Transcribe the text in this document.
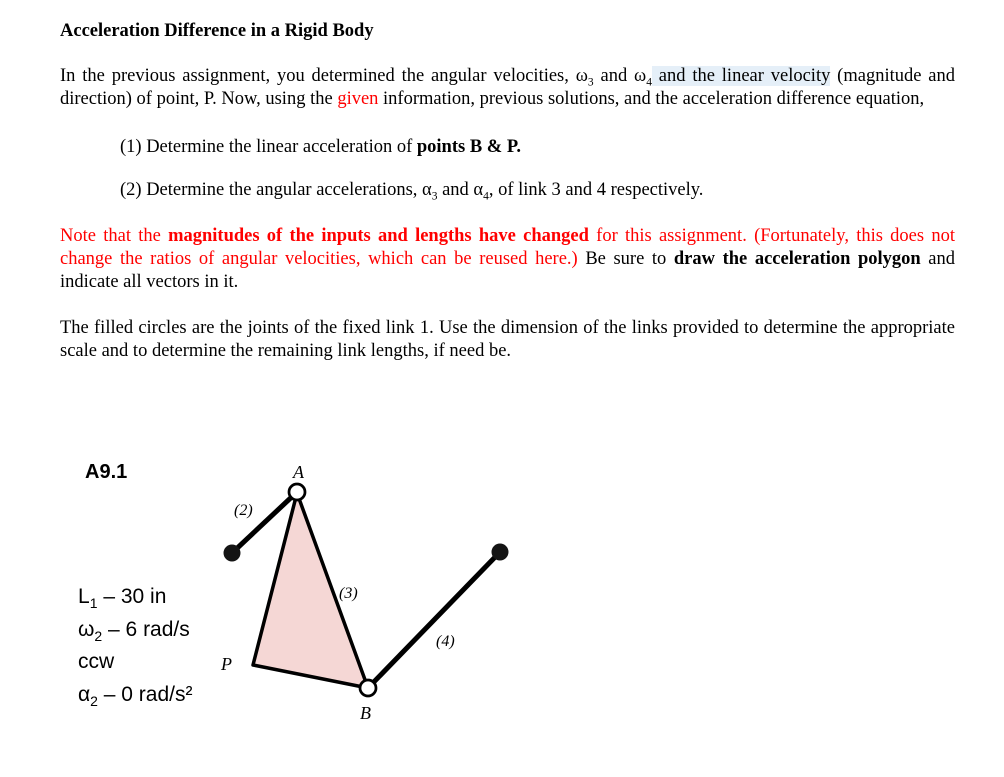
Acceleration Difference in a Rigid Body

In the previous assignment, you determined the angular velocities, $\omega_3$ and $\omega_4$ and the linear velocity (magnitude and direction) of point, P. Now, using the given information, previous solutions, and the acceleration difference equation,

(1) Determine the linear acceleration of points B & P.

(2) Determine the angular accelerations, $\alpha_3$ and $\alpha_4$, of link 3 and 4 respectively.

Note that the magnitudes of the inputs and lengths have changed for this assignment. (Fortunately, this does not change the ratios of angular velocities, which can be reused here.) Be sure to draw the acceleration polygon and indicate all vectors in it.

The filled circles are the joints of the fixed link 1. Use the dimension of the links provided to determine the appropriate scale and to determine the remaining link lengths, if need be.

A9.1	A
B
P
(2)
(3)
(4)
$L_1 - 30$ in
$\omega_2 - 6$ rad/s
ccw
$\alpha_2 - 0$ rad/s²
